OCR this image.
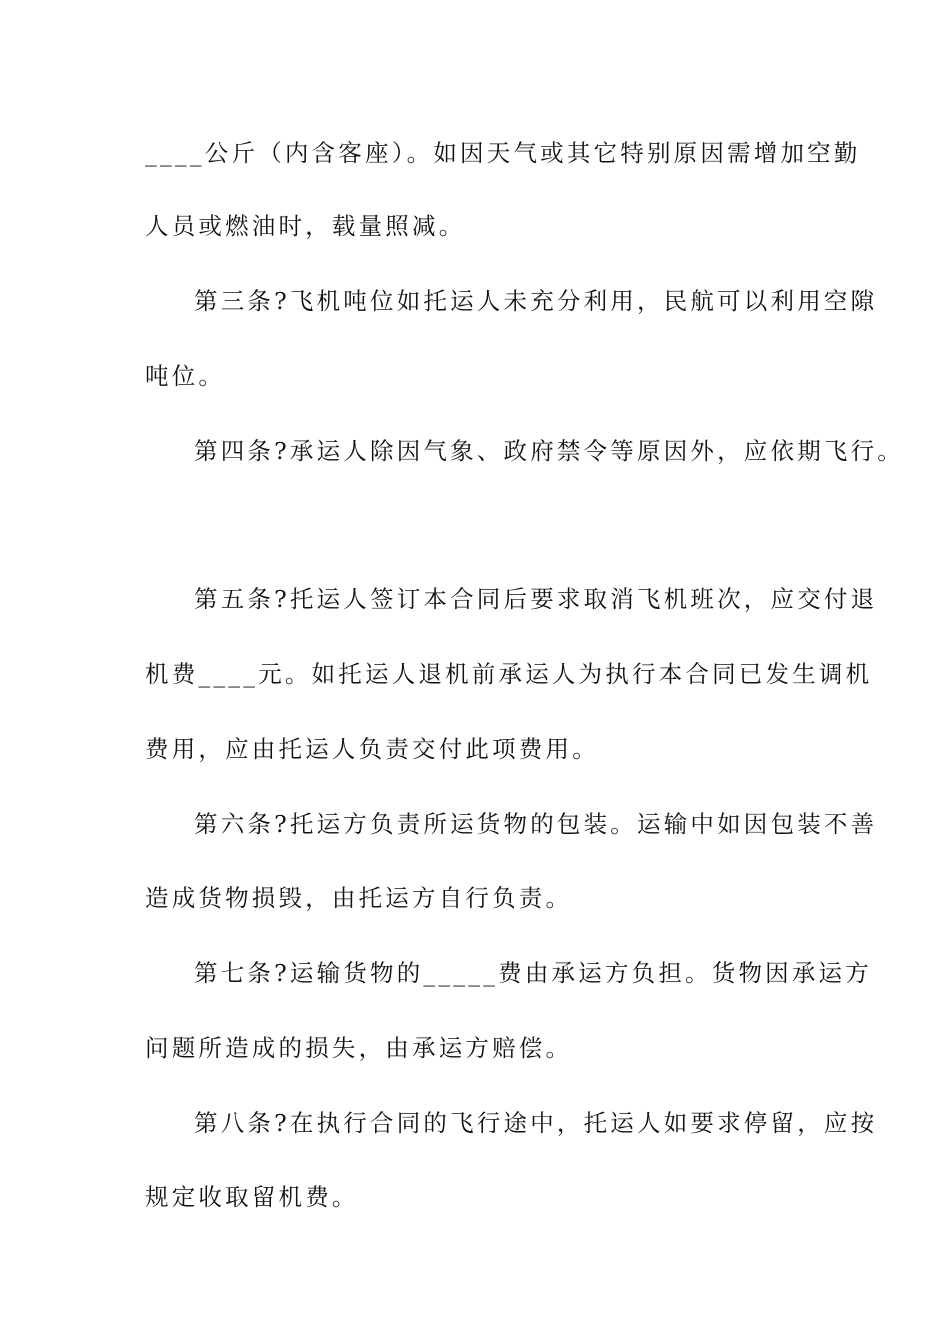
____公斤（内含客座）。如因天气或其它特别原因需增加空勤
人员或燃油时，载量照减。
第三条?飞机吨位如托运人未充分利用，民航可以利用空隙
吨位。
第四条?承运人除因气象、政府禁令等原因外，应依期飞行。
第五条?托运人签订本合同后要求取消飞机班次，应交付退
机费____元。如托运人退机前承运人为执行本合同已发生调机
费用，应由托运人负责交付此项费用。
第六条?托运方负责所运货物的包装。运输中如因包装不善
造成货物损毁，由托运方自行负责。
第七条?运输货物的_____费由承运方负担。货物因承运方
问题所造成的损失，由承运方赔偿。
第八条?在执行合同的飞行途中，托运人如要求停留，应按
规定收取留机费。
